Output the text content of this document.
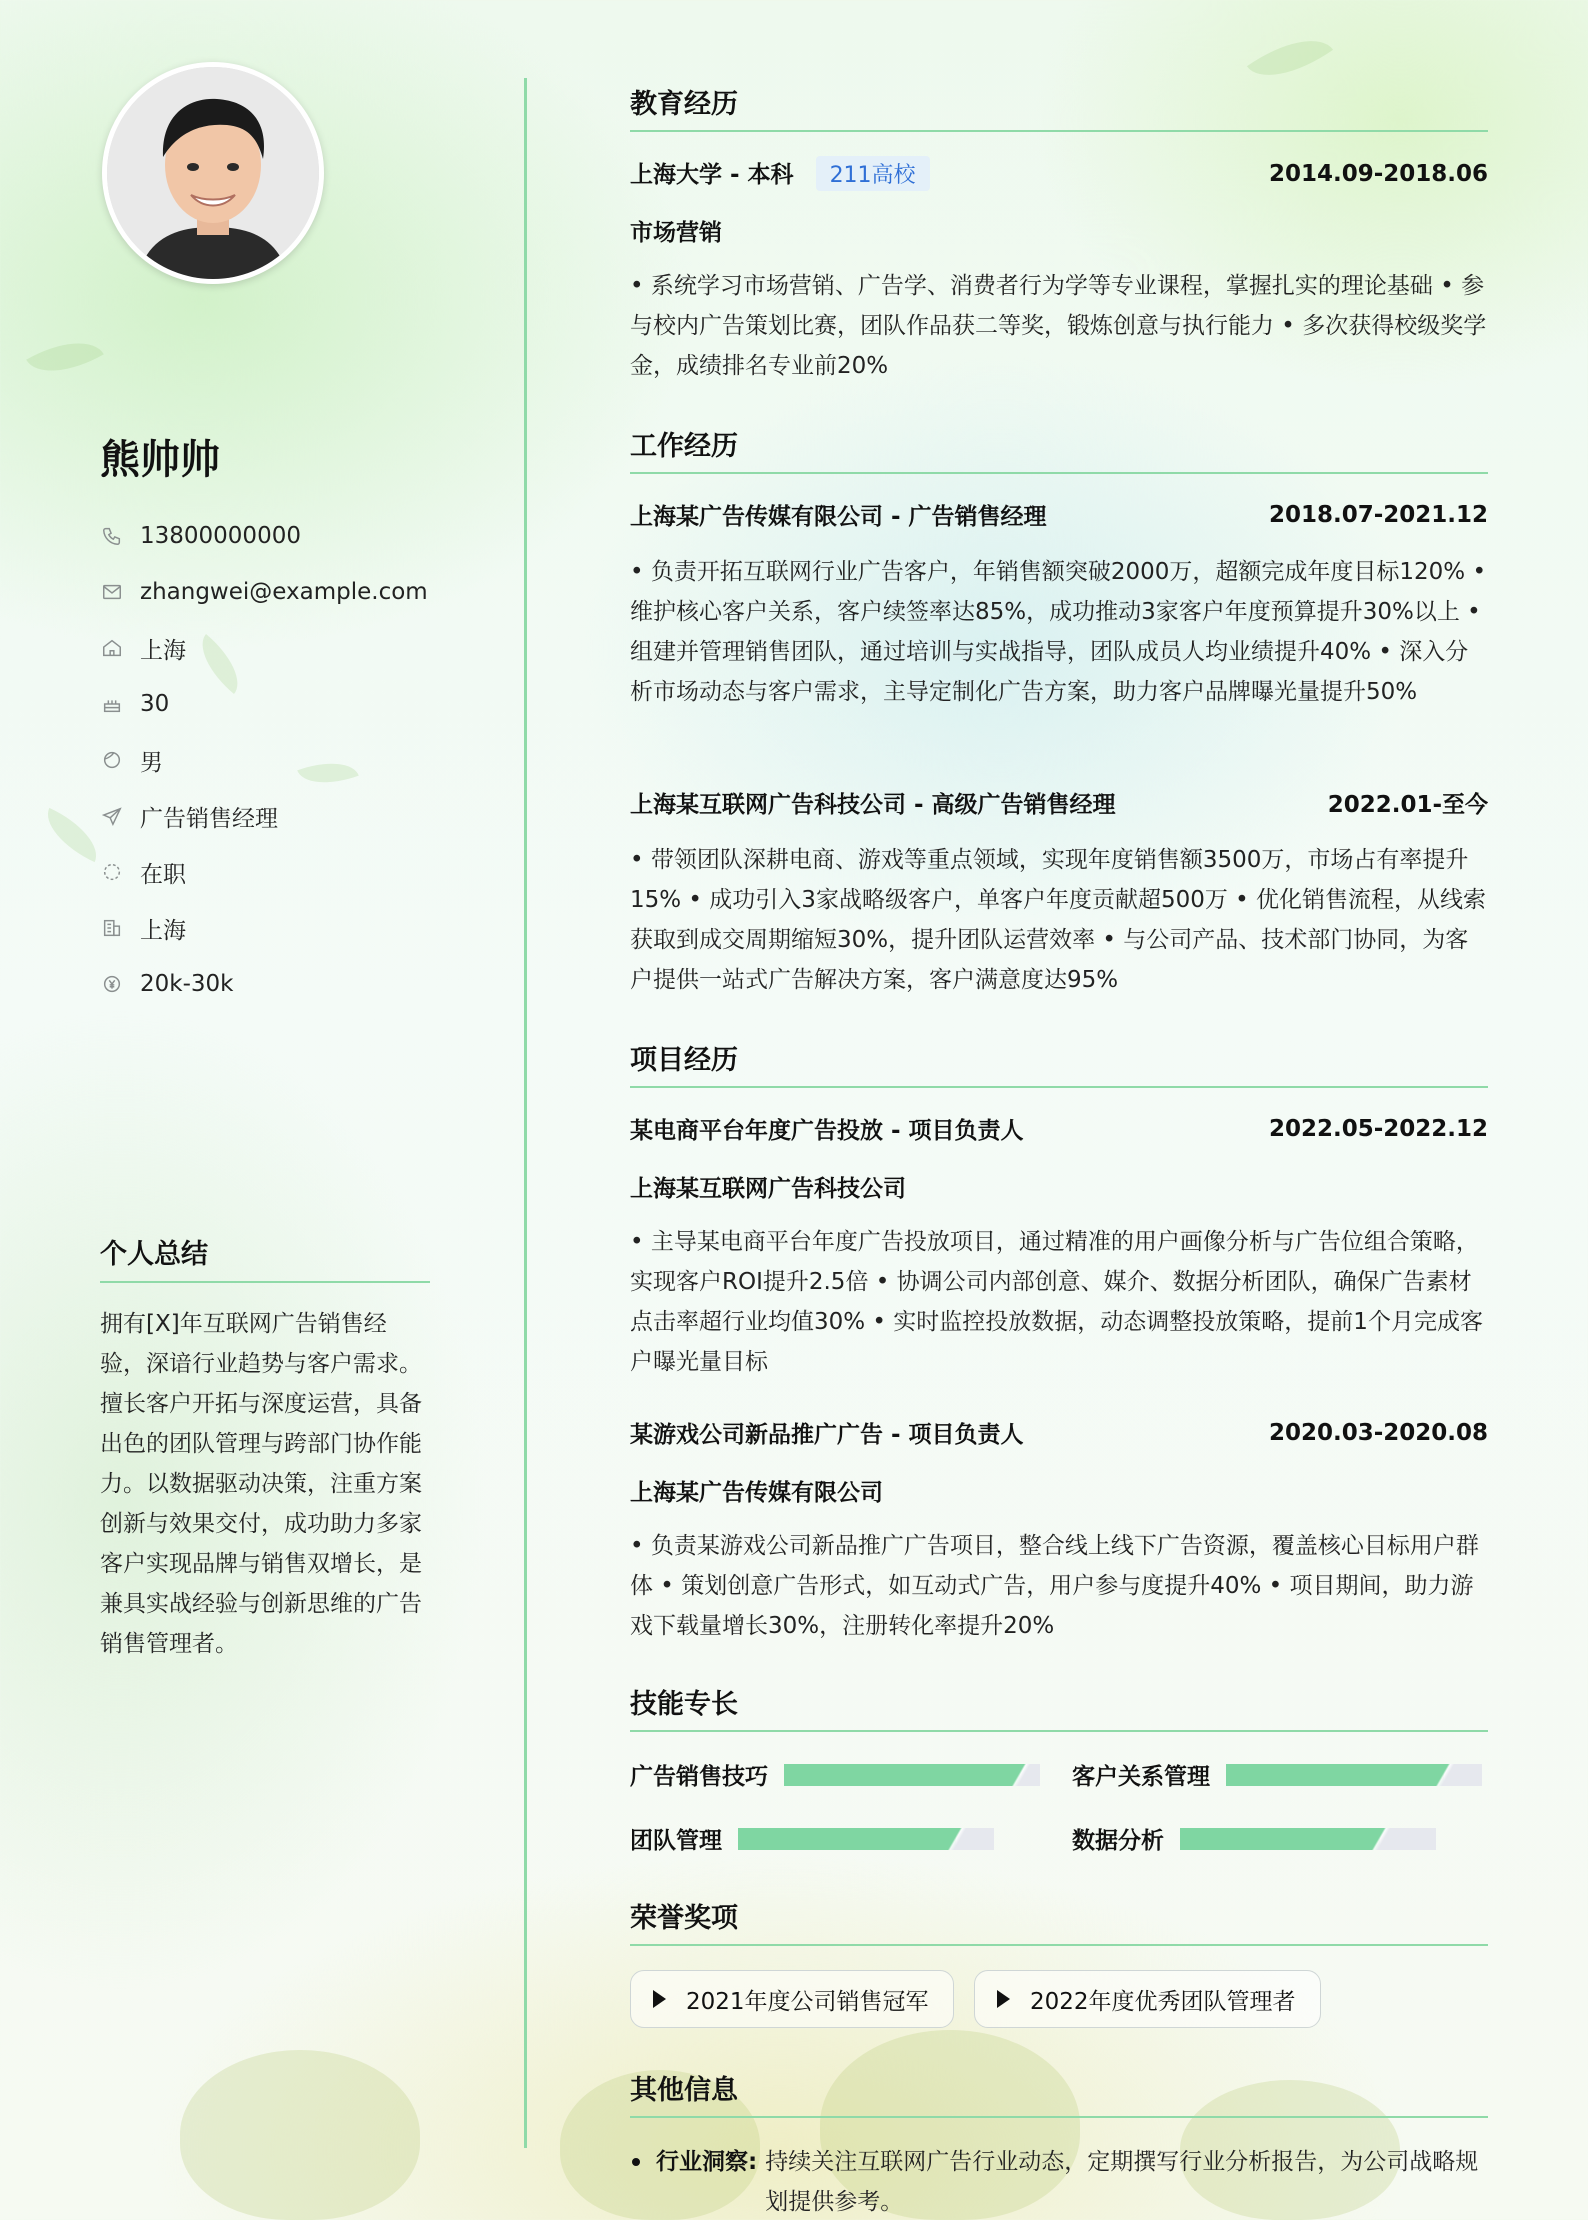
熊帅帅
13800000000
zhangwei@example.com
上海
30
男
广告销售经理
在职
上海
20k-30k
个人总结
拥有[X]年互联网广告销售经验，深谙行业趋势与客户需求。擅长客户开拓与深度运营，具备出色的团队管理与跨部门协作能力。以数据驱动决策，注重方案创新与效果交付，成功助力多家客户实现品牌与销售双增长，是兼具实战经验与创新思维的广告销售管理者。
教育经历
上海大学 - 本科 211高校	2014.09-2018.06
市场营销
• 系统学习市场营销、广告学、消费者行为学等专业课程，掌握扎实的理论基础 • 参与校内广告策划比赛，团队作品获二等奖，锻炼创意与执行能力 • 多次获得校级奖学金，成绩排名专业前20%
工作经历
上海某广告传媒有限公司 - 广告销售经理	2018.07-2021.12
• 负责开拓互联网行业广告客户，年销售额突破2000万，超额完成年度目标120% • 维护核心客户关系，客户续签率达85%，成功推动3家客户年度预算提升30%以上 • 组建并管理销售团队，通过培训与实战指导，团队成员人均业绩提升40% • 深入分析市场动态与客户需求，主导定制化广告方案，助力客户品牌曝光量提升50%
上海某互联网广告科技公司 - 高级广告销售经理	2022.01-至今
• 带领团队深耕电商、游戏等重点领域，实现年度销售额3500万，市场占有率提升15% • 成功引入3家战略级客户，单客户年度贡献超500万 • 优化销售流程，从线索获取到成交周期缩短30%，提升团队运营效率 • 与公司产品、技术部门协同，为客户提供一站式广告解决方案，客户满意度达95%
项目经历
某电商平台年度广告投放 - 项目负责人	2022.05-2022.12
上海某互联网广告科技公司
• 主导某电商平台年度广告投放项目，通过精准的用户画像分析与广告位组合策略，实现客户ROI提升2.5倍 • 协调公司内部创意、媒介、数据分析团队，确保广告素材点击率超行业均值30% • 实时监控投放数据，动态调整投放策略，提前1个月完成客户曝光量目标
某游戏公司新品推广广告 - 项目负责人	2020.03-2020.08
上海某广告传媒有限公司
• 负责某游戏公司新品推广广告项目，整合线上线下广告资源，覆盖核心目标用户群体 • 策划创意广告形式，如互动式广告，用户参与度提升40% • 项目期间，助力游戏下载量增长30%，注册转化率提升20%
技能专长
广告销售技巧	客户关系管理
团队管理	数据分析
荣誉奖项
2021年度公司销售冠军	2022年度优秀团队管理者
其他信息
行业洞察: 持续关注互联网广告行业动态，定期撰写行业分析报告，为公司战略规划提供参考。
